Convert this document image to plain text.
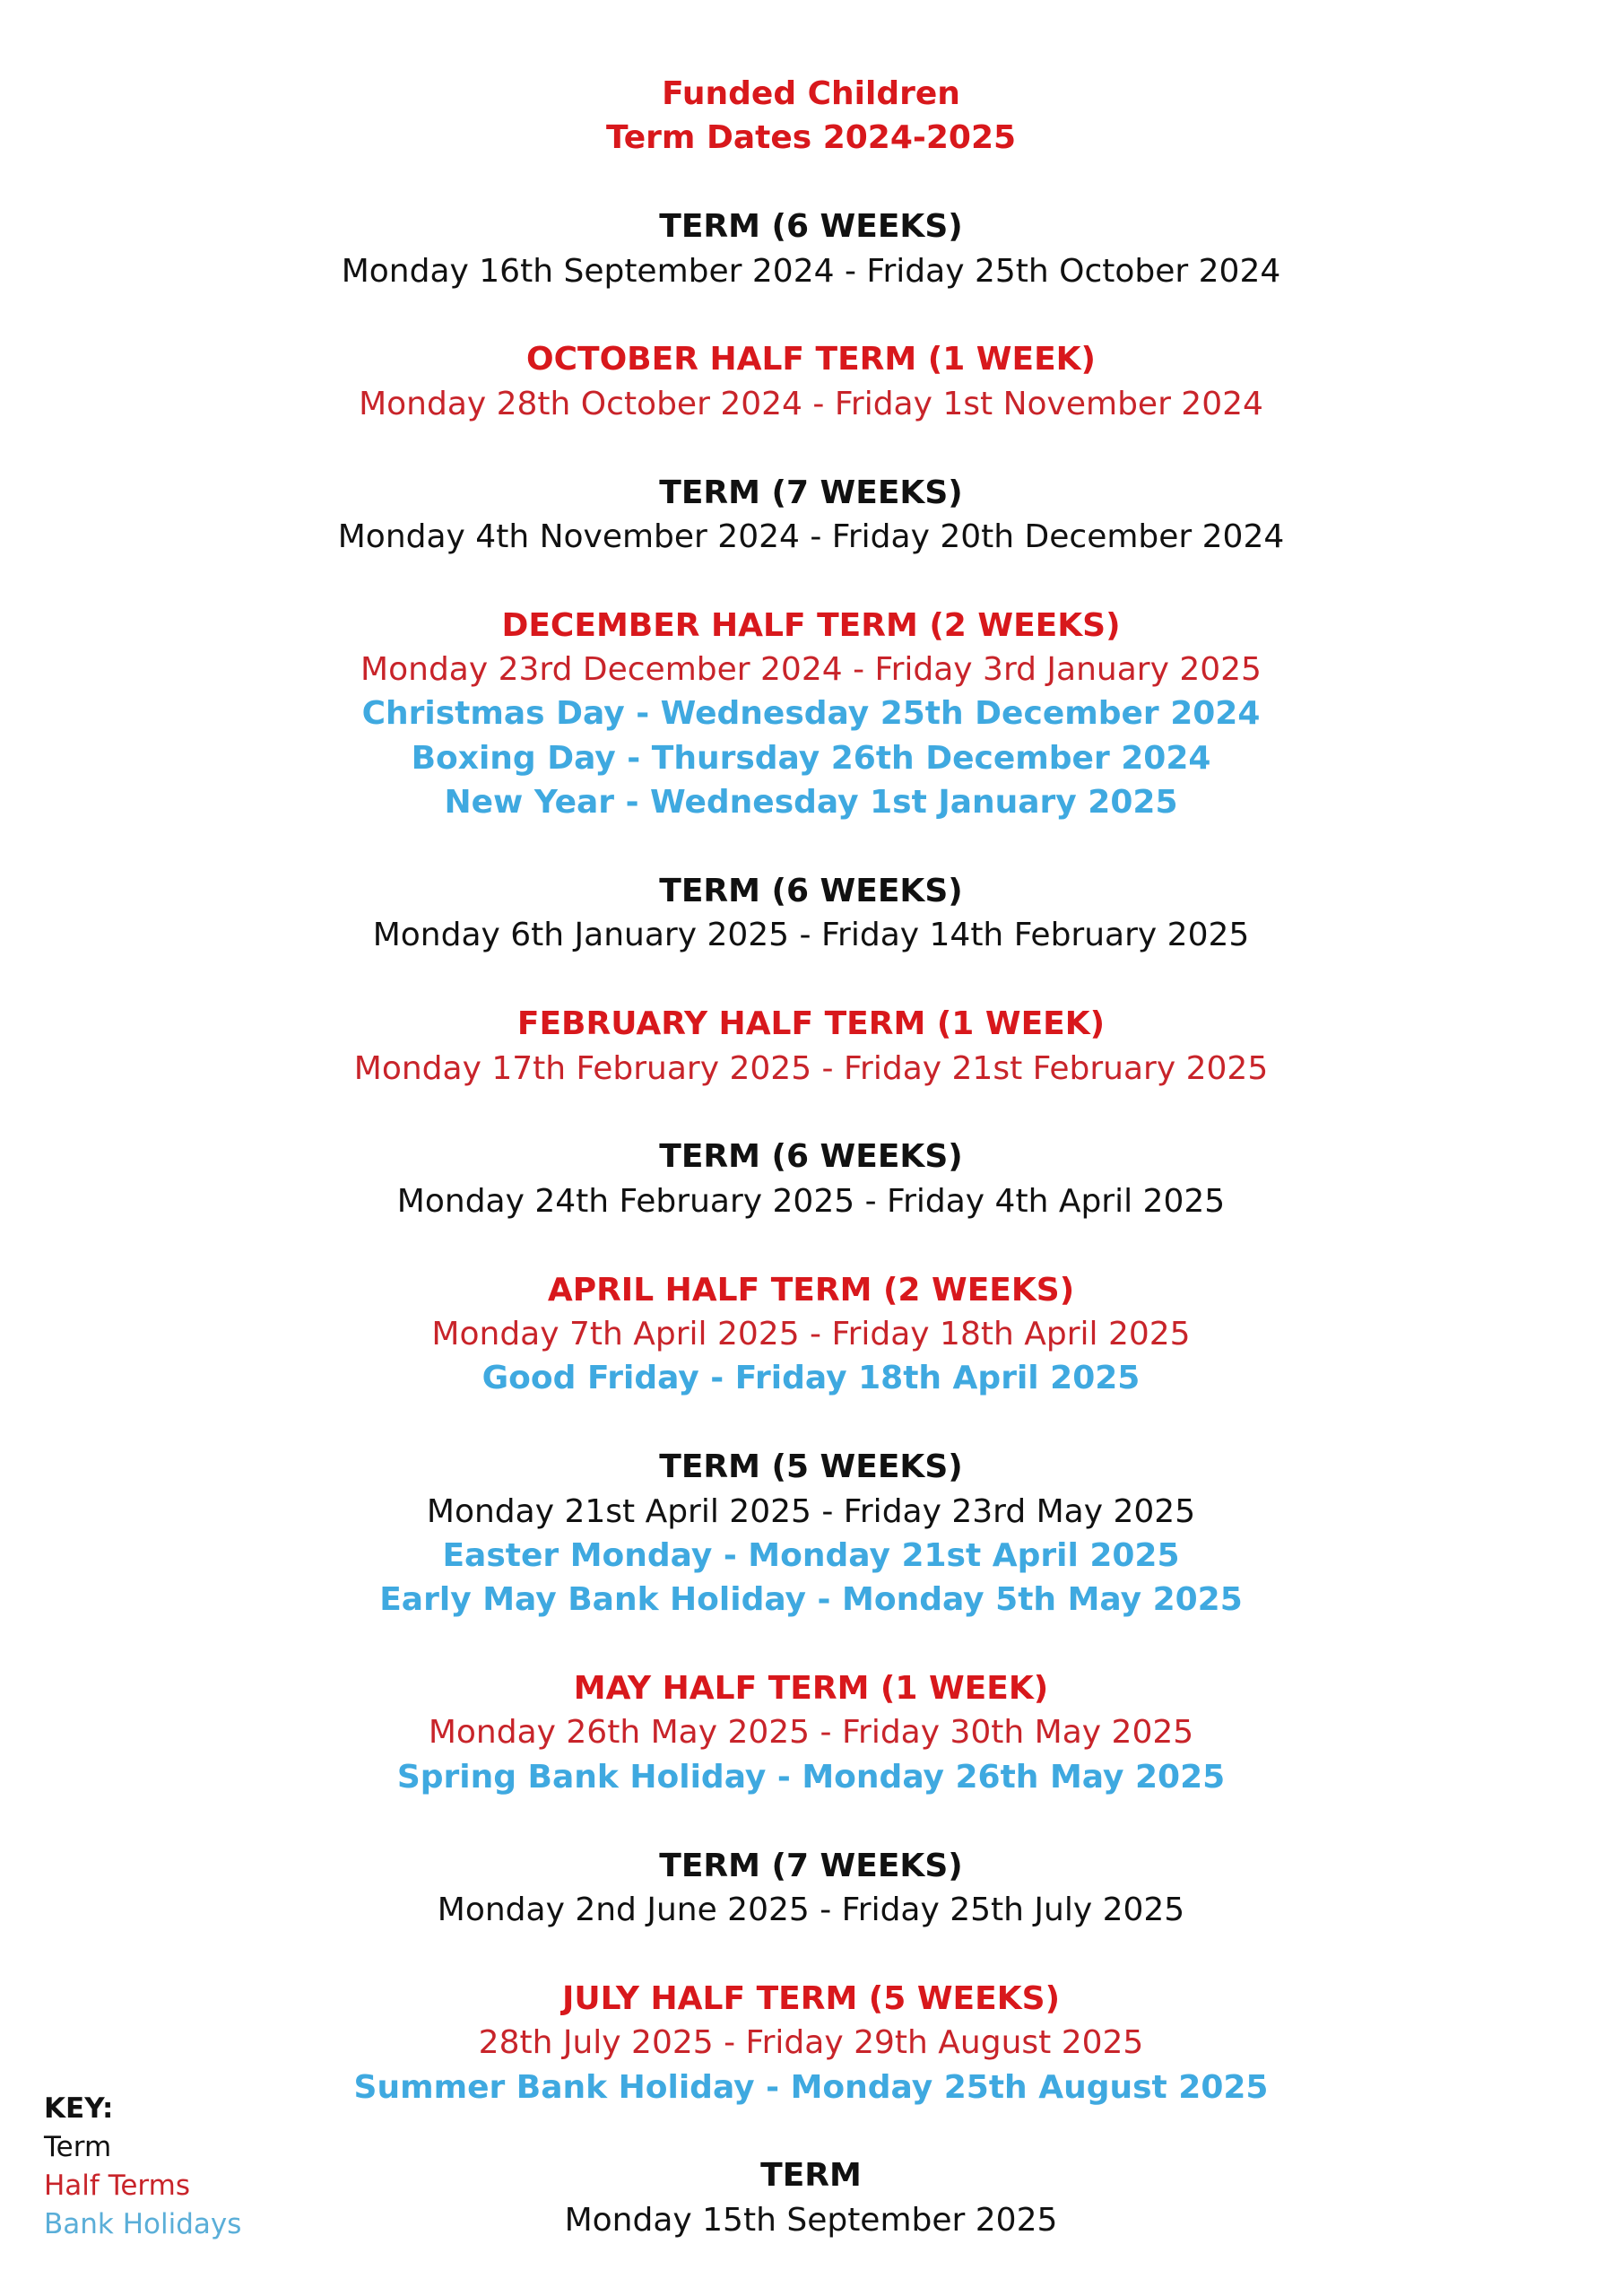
Funded Children
Term Dates 2024-2025
TERM (6 WEEKS)
Monday 16th September 2024 - Friday 25th October 2024
OCTOBER HALF TERM (1 WEEK)
Monday 28th October 2024 - Friday 1st November 2024
TERM (7 WEEKS)
Monday 4th November 2024 - Friday 20th December 2024
DECEMBER HALF TERM (2 WEEKS)
Monday 23rd December 2024 - Friday 3rd January 2025
Christmas Day - Wednesday 25th December 2024
Boxing Day - Thursday 26th December 2024
New Year - Wednesday 1st January 2025
TERM (6 WEEKS)
Monday 6th January 2025 - Friday 14th February 2025
FEBRUARY HALF TERM (1 WEEK)
Monday 17th February 2025 - Friday 21st February 2025
TERM (6 WEEKS)
Monday 24th February 2025 - Friday 4th April 2025
APRIL HALF TERM (2 WEEKS)
Monday 7th April 2025 - Friday 18th April 2025
Good Friday - Friday 18th April 2025
TERM (5 WEEKS)
Monday 21st April 2025 - Friday 23rd May 2025
Easter Monday - Monday 21st April 2025
Early May Bank Holiday - Monday 5th May 2025
MAY HALF TERM (1 WEEK)
Monday 26th May 2025 - Friday 30th May 2025
Spring Bank Holiday - Monday 26th May 2025
TERM (7 WEEKS)
Monday 2nd June 2025 - Friday 25th July 2025
JULY HALF TERM (5 WEEKS)
28th July 2025 - Friday 29th August 2025
Summer Bank Holiday - Monday 25th August 2025
TERM
Monday 15th September 2025
KEY:
Term
Half Terms
Bank Holidays
